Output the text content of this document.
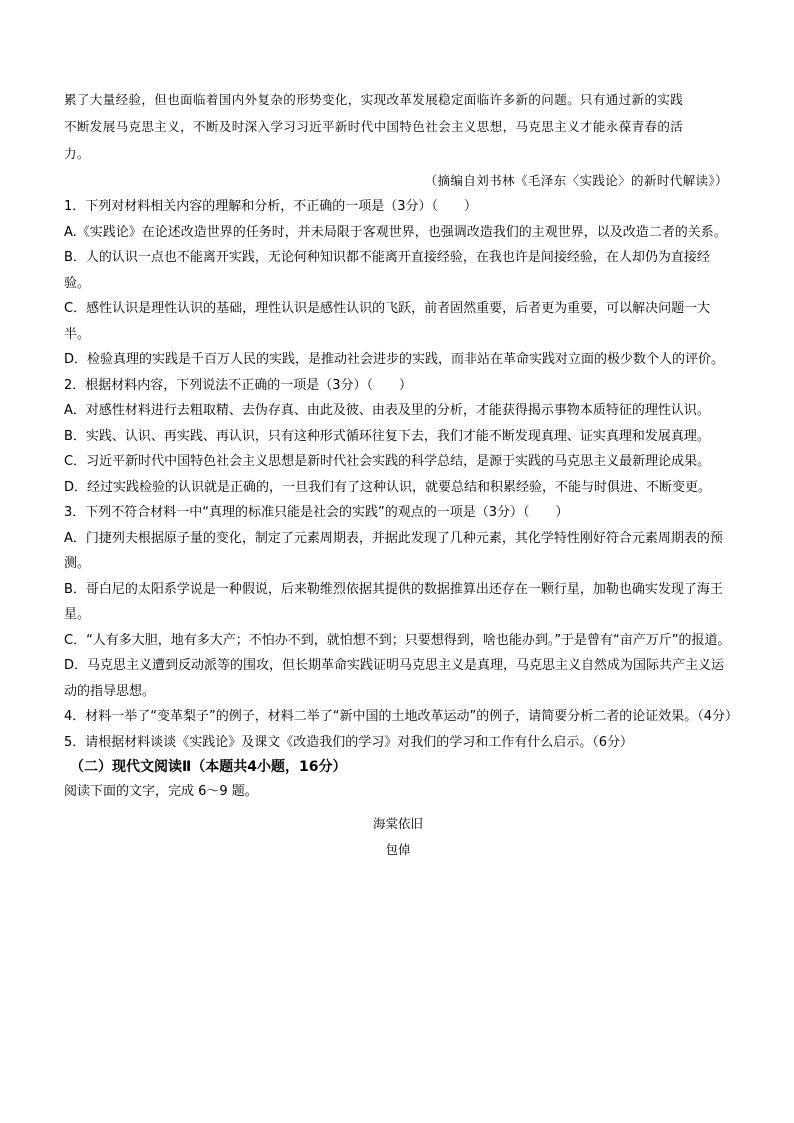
累了大量经验，但也面临着国内外复杂的形势变化，实现改革发展稳定面临许多新的问题。只有通过新的实践

不断发展马克思主义，不断及时深入学习习近平新时代中国特色社会主义思想，马克思主义才能永葆青春的活

力。

（摘编自刘书林《毛泽东〈实践论〉的新时代解读》）

1．下列对材料相关内容的理解和分析，不正确的一项是（3分）（　　）

A.《实践论》在论述改造世界的任务时，并未局限于客观世界，也强调改造我们的主观世界，以及改造二者的关系。

B．人的认识一点也不能离开实践，无论何种知识都不能离开直接经验，在我也许是间接经验，在人却仍为直接经验。

C．感性认识是理性认识的基础，理性认识是感性认识的飞跃，前者固然重要，后者更为重要，可以解决问题一大半。

D．检验真理的实践是千百万人民的实践，是推动社会进步的实践，而非站在革命实践对立面的极少数个人的评价。

2．根据材料内容，下列说法不正确的一项是（3分）（　　）

A．对感性材料进行去粗取精、去伪存真、由此及彼、由表及里的分析，才能获得揭示事物本质特征的理性认识。

B．实践、认识、再实践、再认识，只有这种形式循环往复下去，我们才能不断发现真理、证实真理和发展真理。

C．习近平新时代中国特色社会主义思想是新时代社会实践的科学总结，是源于实践的马克思主义最新理论成果。

D．经过实践检验的认识就是正确的，一旦我们有了这种认识，就要总结和积累经验，不能与时俱进、不断变更。

3．下列不符合材料一中“真理的标准只能是社会的实践”的观点的一项是（3分）（　　）

A．门捷列夫根据原子量的变化，制定了元素周期表，并据此发现了几种元素，其化学特性刚好符合元素周期表的预测。

B．哥白尼的太阳系学说是一种假说，后来勒维烈依据其提供的数据推算出还存在一颗行星，加勒也确实发现了海王星。

C．“人有多大胆，地有多大产；不怕办不到，就怕想不到；只要想得到，啥也能办到。”于是曾有“亩产万斤”的报道。

D．马克思主义遭到反动派等的围攻，但长期革命实践证明马克思主义是真理，马克思主义自然成为国际共产主义运动的指导思想。

4．材料一举了“变革梨子”的例子，材料二举了“新中国的土地改革运动”的例子，请简要分析二者的论证效果。（4分）

5．请根据材料谈谈《实践论》及课文《改造我们的学习》对我们的学习和工作有什么启示。（6分）

（二）现代文阅读Ⅱ（本题共4小题，16分）

阅读下面的文字，完成 6～9 题。

海棠依旧

包倬
